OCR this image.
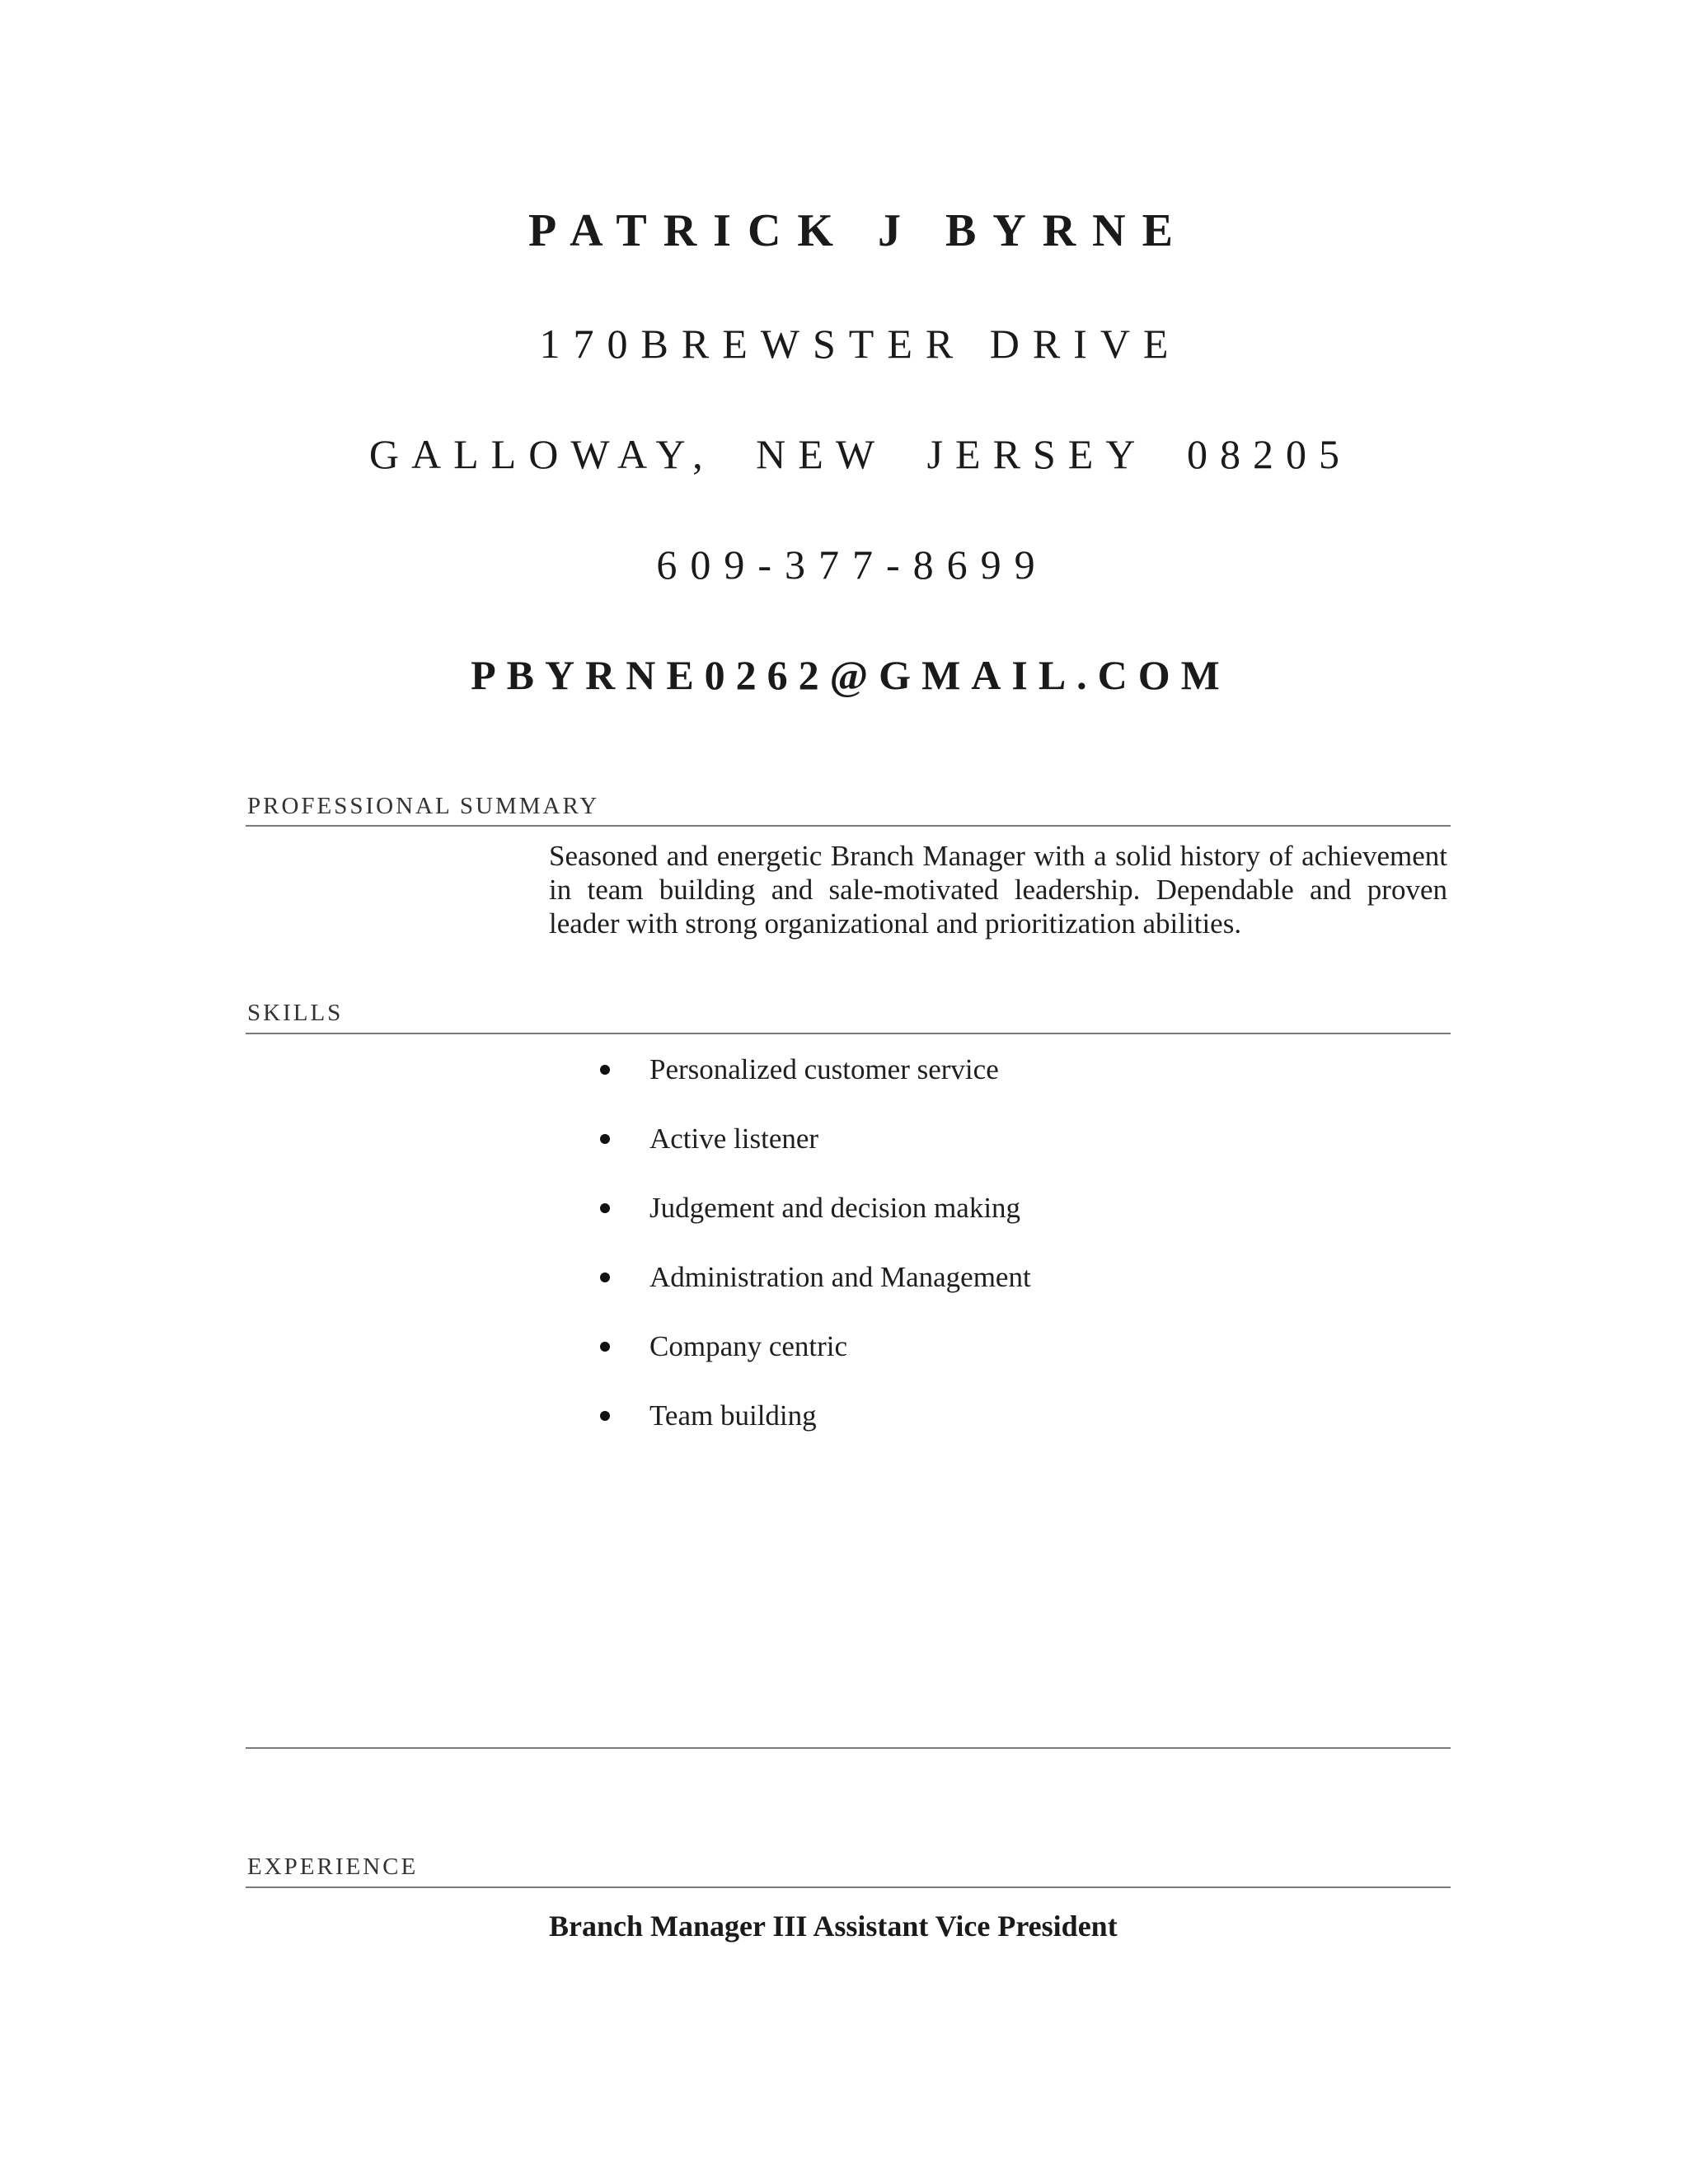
PATRICK J BYRNE
170BREWSTER DRIVE
GALLOWAY, NEW JERSEY 08205
609-377-8699
PBYRNE0262@GMAIL.COM
PROFESSIONAL SUMMARY
Seasoned and energetic Branch Manager with a solid history of achievement in team building and sale-motivated leadership. Dependable and proven leader with strong organizational and prioritization abilities.
SKILLS
Personalized customer service
Active listener
Judgement and decision making
Administration and Management
Company centric
Team building
EXPERIENCE
Branch Manager III Assistant Vice President
